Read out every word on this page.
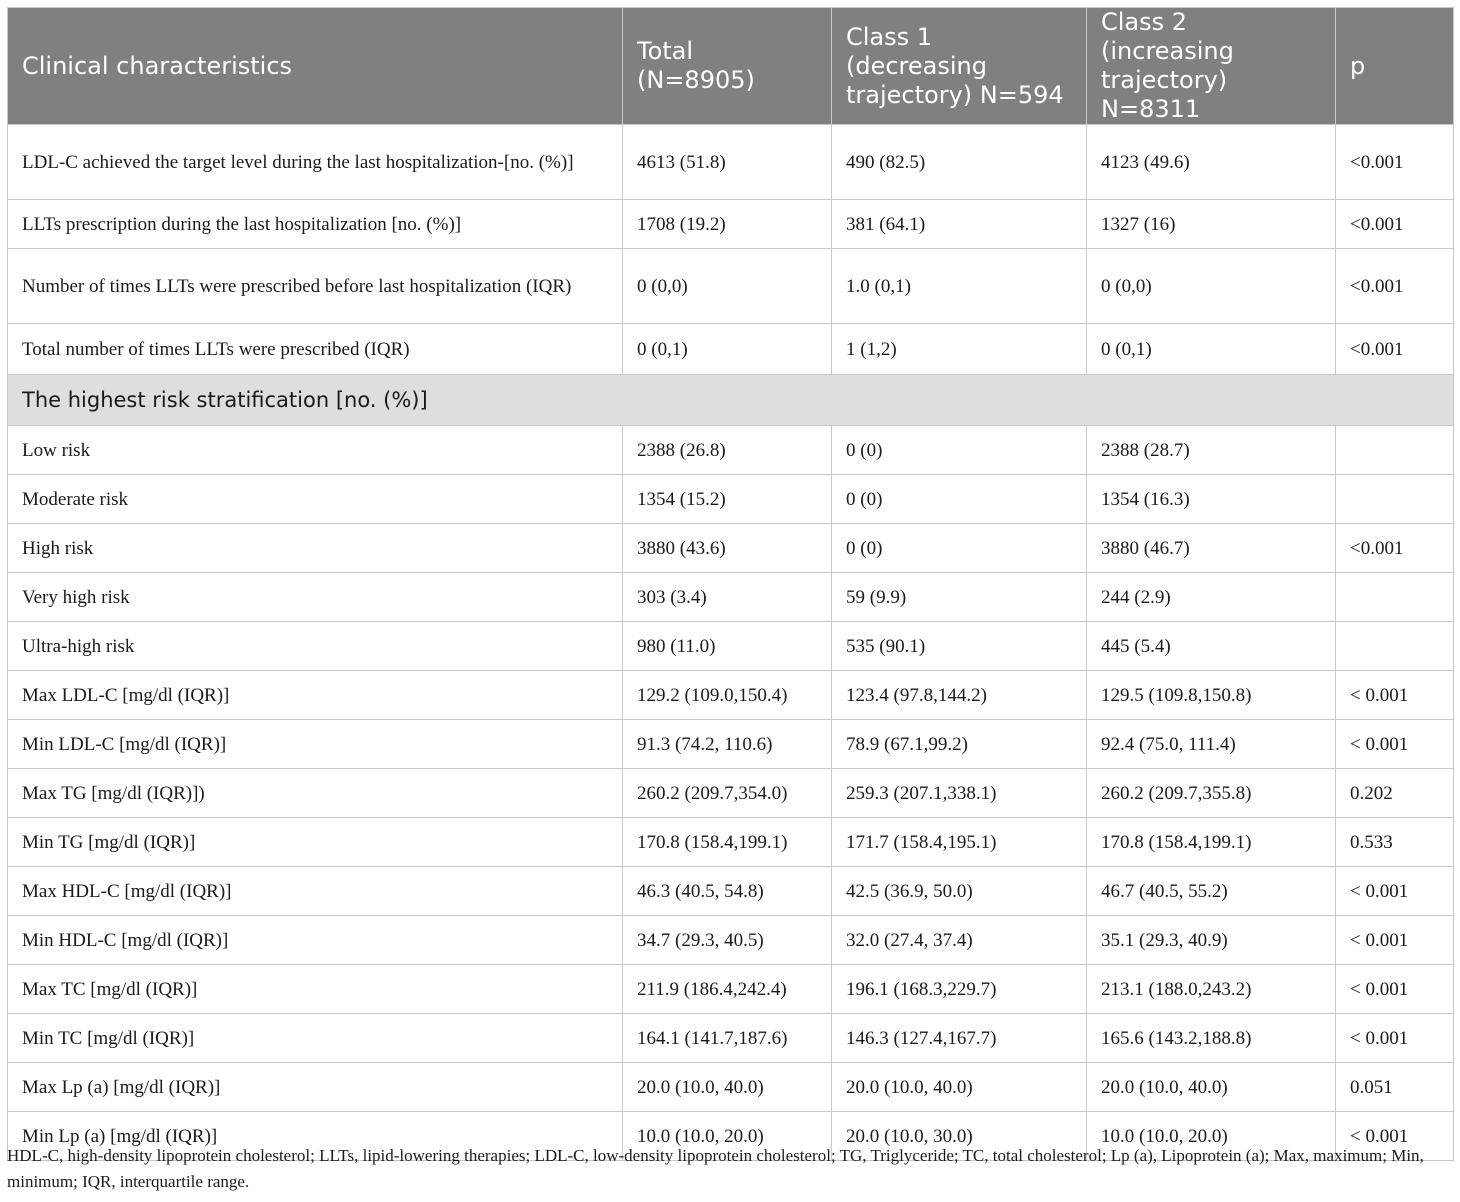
Clinical characteristics	Total (N=8905)	Class 1 (decreasing trajectory) N=594	Class 2 (increasing trajectory) N=8311	p
LDL-C achieved the target level during the last hospitalization-[no. (%)]	4613 (51.8)	490 (82.5)	4123 (49.6)	<0.001
LLTs prescription during the last hospitalization [no. (%)]	1708 (19.2)	381 (64.1)	1327 (16)	<0.001
Number of times LLTs were prescribed before last hospitalization (IQR)	0 (0,0)	1.0 (0,1)	0 (0,0)	<0.001
Total number of times LLTs were prescribed (IQR)	0 (0,1)	1 (1,2)	0 (0,1)	<0.001
The highest risk stratification [no. (%)]				
Low risk	2388 (26.8)	0 (0)	2388 (28.7)	
Moderate risk	1354 (15.2)	0 (0)	1354 (16.3)	
High risk	3880 (43.6)	0 (0)	3880 (46.7)	<0.001
Very high risk	303 (3.4)	59 (9.9)	244 (2.9)	
Ultra-high risk	980 (11.0)	535 (90.1)	445 (5.4)	
Max LDL-C [mg/dl (IQR)]	129.2 (109.0,150.4)	123.4 (97.8,144.2)	129.5 (109.8,150.8)	< 0.001
Min LDL-C [mg/dl (IQR)]	91.3 (74.2, 110.6)	78.9 (67.1,99.2)	92.4 (75.0, 111.4)	< 0.001
Max TG [mg/dl (IQR)])	260.2 (209.7,354.0)	259.3 (207.1,338.1)	260.2 (209.7,355.8)	0.202
Min TG [mg/dl (IQR)]	170.8 (158.4,199.1)	171.7 (158.4,195.1)	170.8 (158.4,199.1)	0.533
Max HDL-C [mg/dl (IQR)]	46.3 (40.5, 54.8)	42.5 (36.9, 50.0)	46.7 (40.5, 55.2)	< 0.001
Min HDL-C [mg/dl (IQR)]	34.7 (29.3, 40.5)	32.0 (27.4, 37.4)	35.1 (29.3, 40.9)	< 0.001
Max TC [mg/dl (IQR)]	211.9 (186.4,242.4)	196.1 (168.3,229.7)	213.1 (188.0,243.2)	< 0.001
Min TC [mg/dl (IQR)]	164.1 (141.7,187.6)	146.3 (127.4,167.7)	165.6 (143.2,188.8)	< 0.001
Max Lp (a) [mg/dl (IQR)]	20.0 (10.0, 40.0)	20.0 (10.0, 40.0)	20.0 (10.0, 40.0)	0.051
Min Lp (a) [mg/dl (IQR)]	10.0 (10.0, 20.0)	20.0 (10.0, 30.0)	10.0 (10.0, 20.0)	< 0.001
HDL-C, high-density lipoprotein cholesterol; LLTs, lipid-lowering therapies; LDL-C, low-density lipoprotein cholesterol; TG, Triglyceride; TC, total cholesterol; Lp (a), Lipoprotein (a); Max, maximum; Min, minimum; IQR, interquartile range.
